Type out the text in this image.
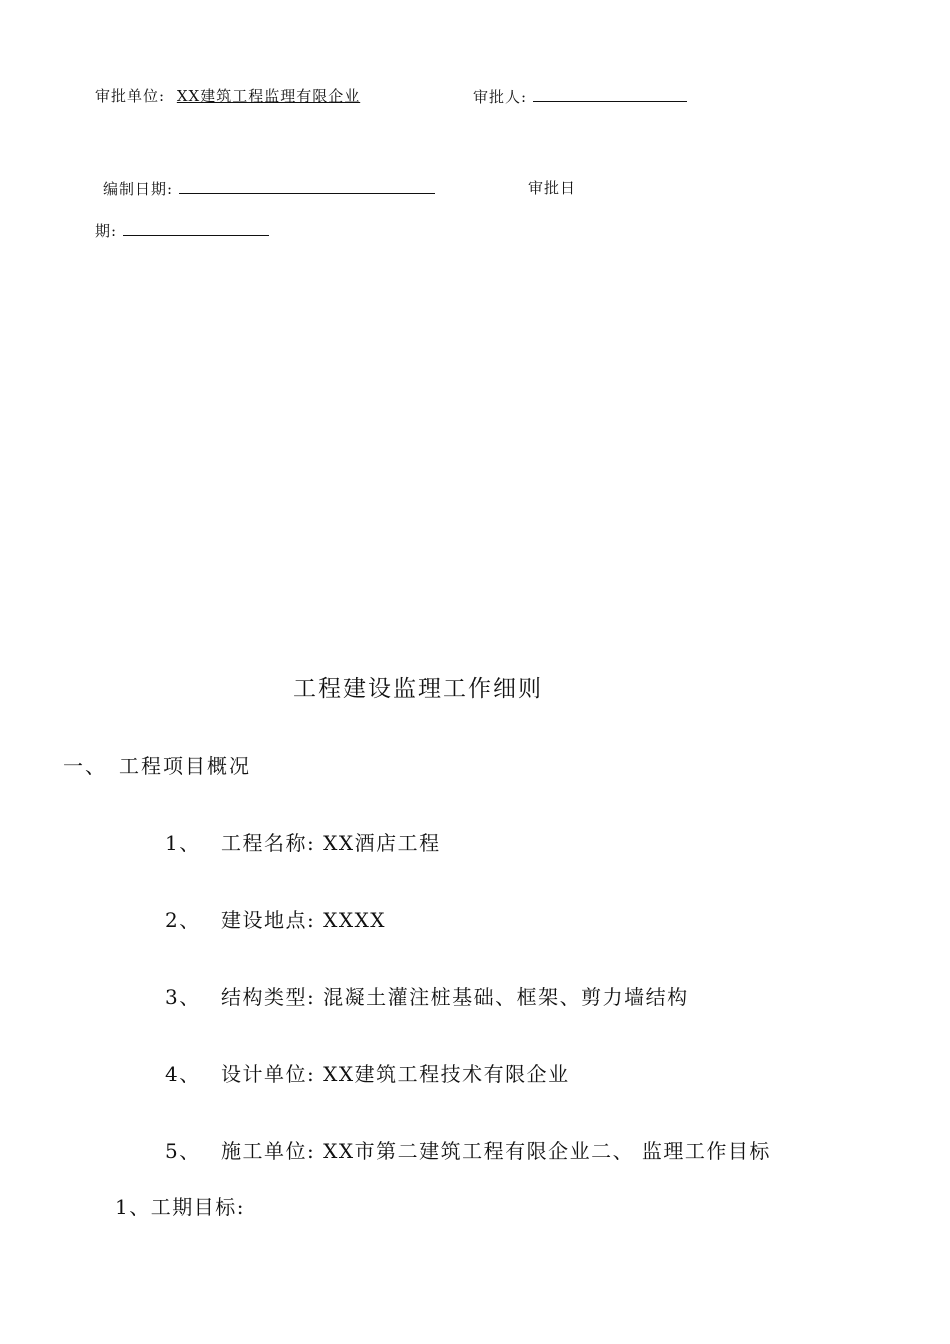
审批单位: XX建筑工程监理有限企业	审批人:
编制日期:	审批日
期:
工程建设监理工作细则
一、 工程项目概况
1、 工程名称: XX酒店工程
2、 建设地点: XXXX
3、 结构类型: 混凝土灌注桩基础、框架、剪力墙结构
4、 设计单位: XX建筑工程技术有限企业
5、 施工单位: XX市第二建筑工程有限企业二、 监理工作目标
1、工期目标:
